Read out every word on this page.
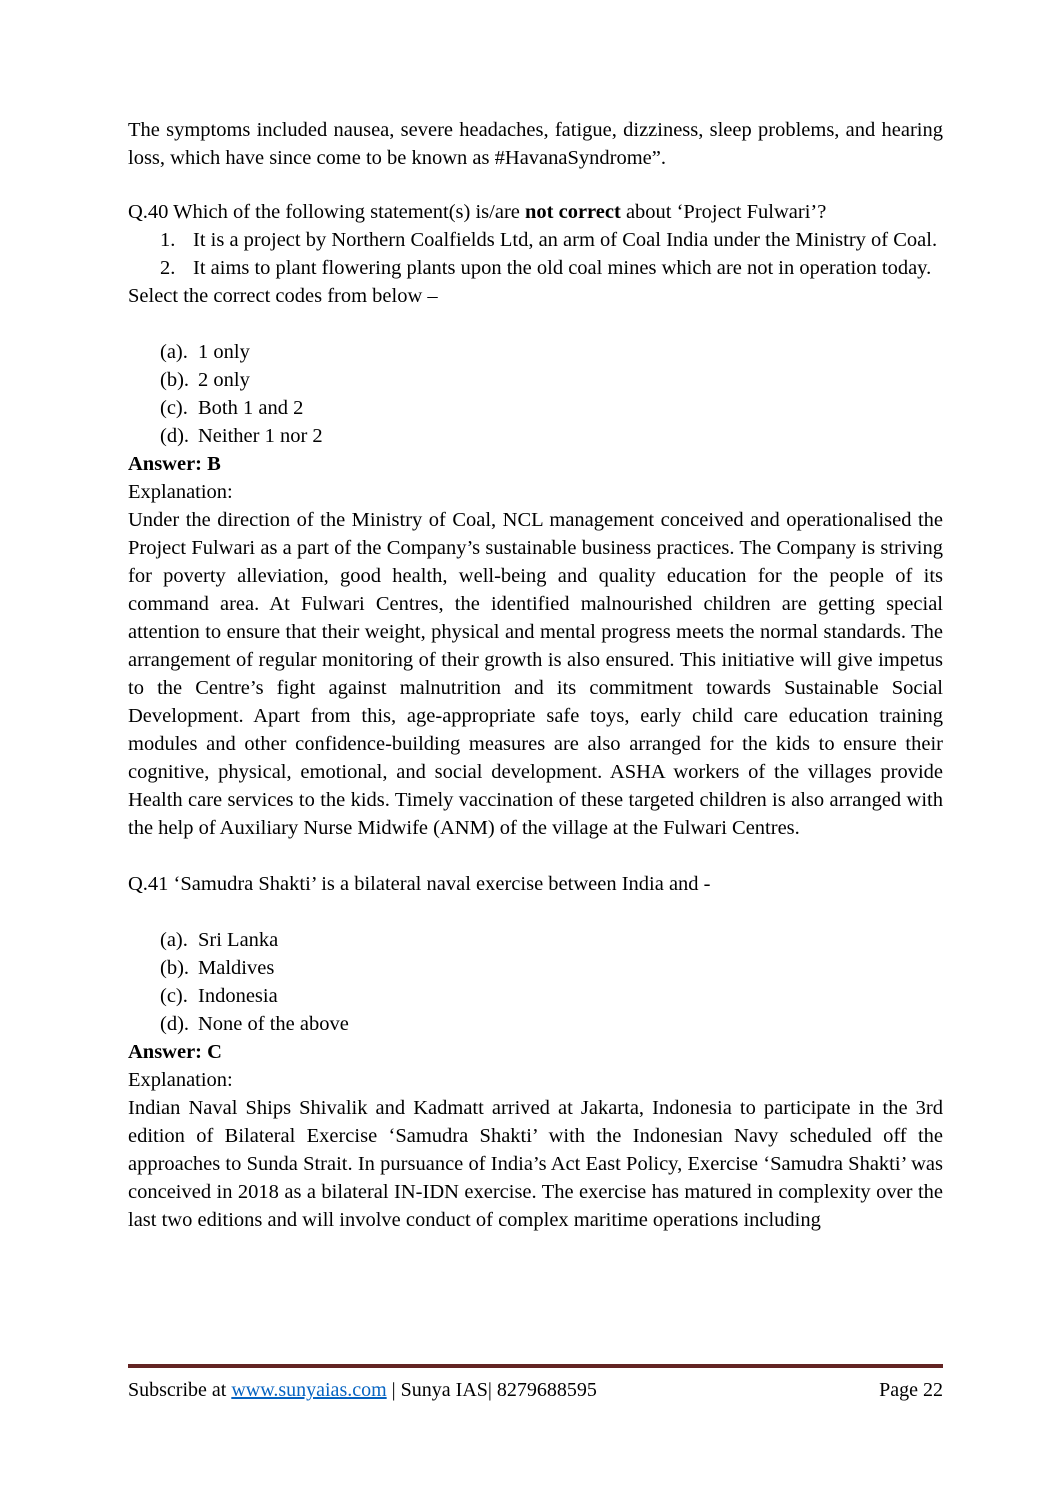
The symptoms included nausea, severe headaches, fatigue, dizziness, sleep problems, and hearing loss, which have since come to be known as #HavanaSyndrome”.

Q.40 Which of the following statement(s) is/are not correct about ‘Project Fulwari’?

1. It is a project by Northern Coalfields Ltd, an arm of Coal India under the Ministry of Coal.
2. It aims to plant flowering plants upon the old coal mines which are not in operation today.

Select the correct codes from below –

(a). 1 only
(b). 2 only
(c). Both 1 and 2
(d). Neither 1 nor 2

Answer: B

Explanation:

Under the direction of the Ministry of Coal, NCL management conceived and operationalised the Project Fulwari as a part of the Company’s sustainable business practices. The Company is striving for poverty alleviation, good health, well-being and quality education for the people of its command area. At Fulwari Centres, the identified malnourished children are getting special attention to ensure that their weight, physical and mental progress meets the normal standards. The arrangement of regular monitoring of their growth is also ensured. This initiative will give impetus to the Centre’s fight against malnutrition and its commitment towards Sustainable Social Development. Apart from this, age-appropriate safe toys, early child care education training modules and other confidence-building measures are also arranged for the kids to ensure their cognitive, physical, emotional, and social development. ASHA workers of the villages provide Health care services to the kids. Timely vaccination of these targeted children is also arranged with the help of Auxiliary Nurse Midwife (ANM) of the village at the Fulwari Centres.

Q.41 ‘Samudra Shakti’ is a bilateral naval exercise between India and -

(a). Sri Lanka
(b). Maldives
(c). Indonesia
(d). None of the above

Answer: C

Explanation:

Indian Naval Ships Shivalik and Kadmatt arrived at Jakarta, Indonesia to participate in the 3rd edition of Bilateral Exercise ‘Samudra Shakti’ with the Indonesian Navy scheduled off the approaches to Sunda Strait. In pursuance of India’s Act East Policy, Exercise ‘Samudra Shakti’ was conceived in 2018 as a bilateral IN-IDN exercise. The exercise has matured in complexity over the last two editions and will involve conduct of complex maritime operations including

Subscribe at www.sunyaias.com | Sunya IAS| 8279688595	Page 22
